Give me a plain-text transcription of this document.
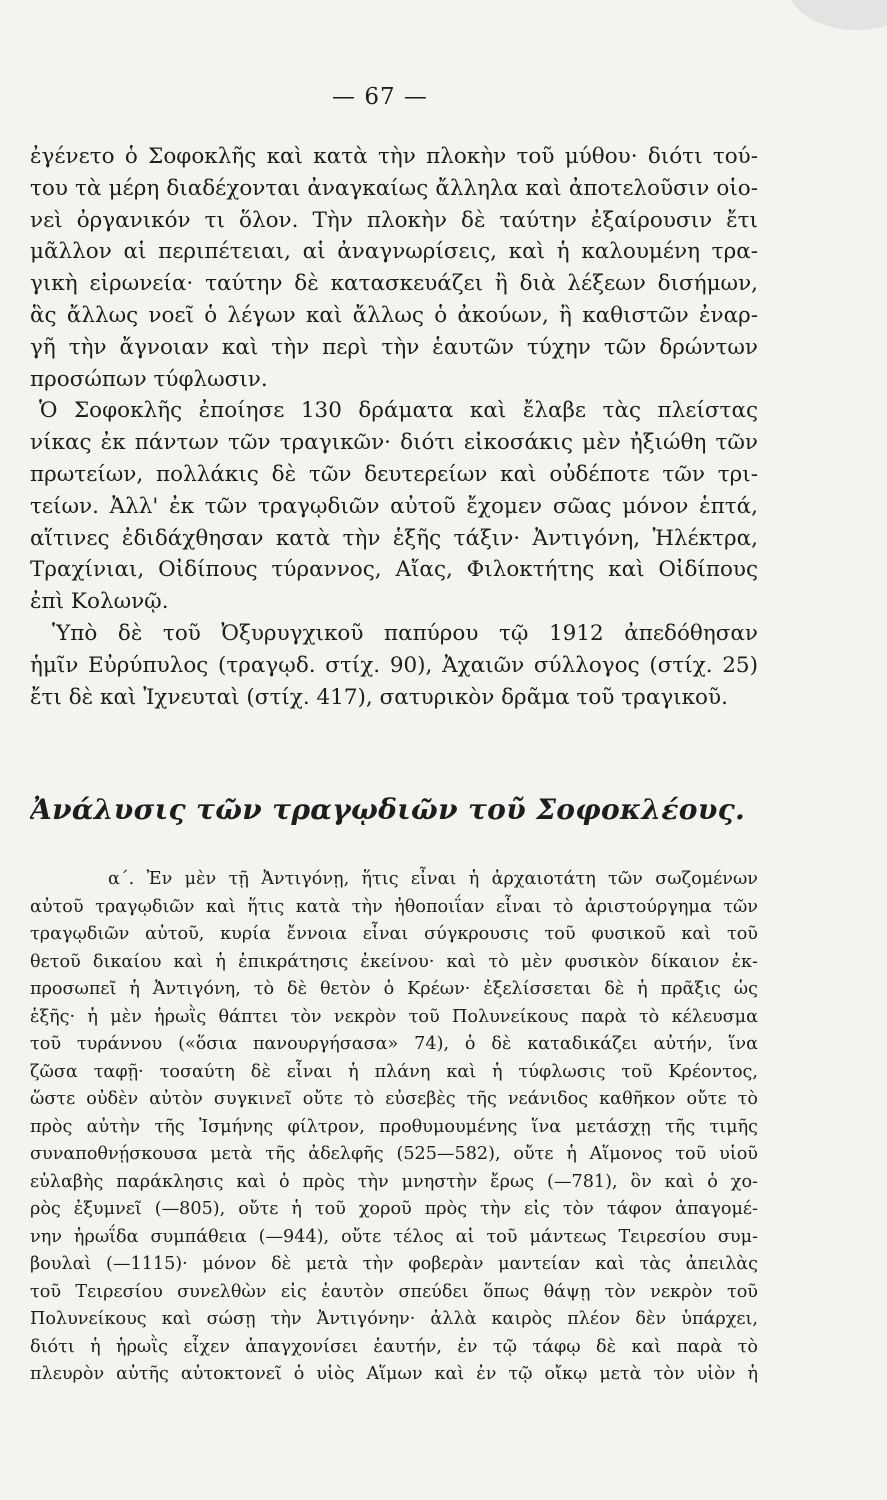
— 67 —
ἐγένετο ὁ Σοφοκλῆς καὶ κατὰ τὴν πλοκὴν τοῦ μύθου· διότι τού-
του τὰ μέρη διαδέχονται ἀναγκαίως ἄλληλα καὶ ἀποτελοῦσιν οἱο-
νεὶ ὀργανικόν τι ὅλον. Τὴν πλοκὴν δὲ ταύτην ἐξαίρουσιν ἔτι
μᾶλλον αἱ περιπέτειαι, αἱ ἀναγνωρίσεις, καὶ ἡ καλουμένη τρα-
γικὴ εἰρωνεία· ταύτην δὲ κατασκευάζει ἢ διὰ λέξεων δισήμων,
ἃς ἄλλως νοεῖ ὁ λέγων καὶ ἄλλως ὁ ἀκούων, ἢ καθιστῶν ἐναρ-
γῆ τὴν ἄγνοιαν καὶ τὴν περὶ τὴν ἑαυτῶν τύχην τῶν δρώντων
προσώπων τύφλωσιν.
Ὁ Σοφοκλῆς ἐποίησε 130 δράματα καὶ ἔλαβε τὰς πλείστας
νίκας ἐκ πάντων τῶν τραγικῶν· διότι εἰκοσάκις μὲν ἠξιώθη τῶν
πρωτείων, πολλάκις δὲ τῶν δευτερείων καὶ οὐδέποτε τῶν τρι-
τείων. Ἀλλ' ἐκ τῶν τραγῳδιῶν αὐτοῦ ἔχομεν σῶας μόνον ἑπτά,
αἵτινες ἐδιδάχθησαν κατὰ τὴν ἑξῆς τάξιν· Ἀντιγόνη, Ἠλέκτρα,
Τραχίνιαι, Οἰδίπους τύραννος, Αἴας, Φιλοκτήτης καὶ Οἰδίπους
ἐπὶ Κολωνῷ.
Ὑπὸ δὲ τοῦ Ὀξυρυγχικοῦ παπύρου τῷ 1912 ἀπεδόθησαν
ἡμῖν Εὐρύπυλος (τραγῳδ. στίχ. 90), Ἀχαιῶν σύλλογος (στίχ. 25)
ἔτι δὲ καὶ Ἰχνευταὶ (στίχ. 417), σατυρικὸν δρᾶμα τοῦ τραγικοῦ.
Ἀνάλυσις τῶν τραγῳδιῶν τοῦ Σοφοκλέους.
α΄. Ἐν μὲν τῇ Ἀντιγόνῃ, ἥτις εἶναι ἡ ἀρχαιοτάτη τῶν σωζομένων
αὐτοῦ τραγῳδιῶν καὶ ἥτις κατὰ τὴν ἠθοποιΐαν εἶναι τὸ ἀριστούργημα τῶν
τραγῳδιῶν αὐτοῦ, κυρία ἔννοια εἶναι σύγκρουσις τοῦ φυσικοῦ καὶ τοῦ
θετοῦ δικαίου καὶ ἡ ἐπικράτησις ἐκείνου· καὶ τὸ μὲν φυσικὸν δίκαιον ἐκ-
προσωπεῖ ἡ Ἀντιγόνη, τὸ δὲ θετὸν ὁ Κρέων· ἐξελίσσεται δὲ ἡ πρᾶξις ὡς
ἑξῆς· ἡ μὲν ἡρωῒς θάπτει τὸν νεκρὸν τοῦ Πολυνείκους παρὰ τὸ κέλευσμα
τοῦ τυράννου («ὅσια πανουργήσασα» 74), ὁ δὲ καταδικάζει αὐτήν, ἵνα
ζῶσα ταφῇ· τοσαύτη δὲ εἶναι ἡ πλάνη καὶ ἡ τύφλωσις τοῦ Κρέοντος,
ὥστε οὐδὲν αὐτὸν συγκινεῖ οὔτε τὸ εὐσεβὲς τῆς νεάνιδος καθῆκον οὔτε τὸ
πρὸς αὐτὴν τῆς Ἰσμήνης φίλτρον, προθυμουμένης ἵνα μετάσχῃ τῆς τιμῆς
συναποθνῄσκουσα μετὰ τῆς ἀδελφῆς (525—582), οὔτε ἡ Αἵμονος τοῦ υἱοῦ
εὐλαβὴς παράκλησις καὶ ὁ πρὸς τὴν μνηστὴν ἔρως (—781), ὃν καὶ ὁ χο-
ρὸς ἐξυμνεῖ (—805), οὔτε ἡ τοῦ χοροῦ πρὸς τὴν εἰς τὸν τάφον ἀπαγομέ-
νην ἡρωΐδα συμπάθεια (—944), οὔτε τέλος αἱ τοῦ μάντεως Τειρεσίου συμ-
βουλαὶ (—1115)· μόνον δὲ μετὰ τὴν φοβερὰν μαντείαν καὶ τὰς ἀπειλὰς
τοῦ Τειρεσίου συνελθὼν εἰς ἑαυτὸν σπεύδει ὅπως θάψῃ τὸν νεκρὸν τοῦ
Πολυνείκους καὶ σώσῃ τὴν Ἀντιγόνην· ἀλλὰ καιρὸς πλέον δὲν ὑπάρχει,
διότι ἡ ἡρωῒς εἶχεν ἀπαγχονίσει ἑαυτήν, ἐν τῷ τάφῳ δὲ καὶ παρὰ τὸ
πλευρὸν αὐτῆς αὐτοκτονεῖ ὁ υἱὸς Αἵμων καὶ ἐν τῷ οἴκῳ μετὰ τὸν υἱὸν ἡ
